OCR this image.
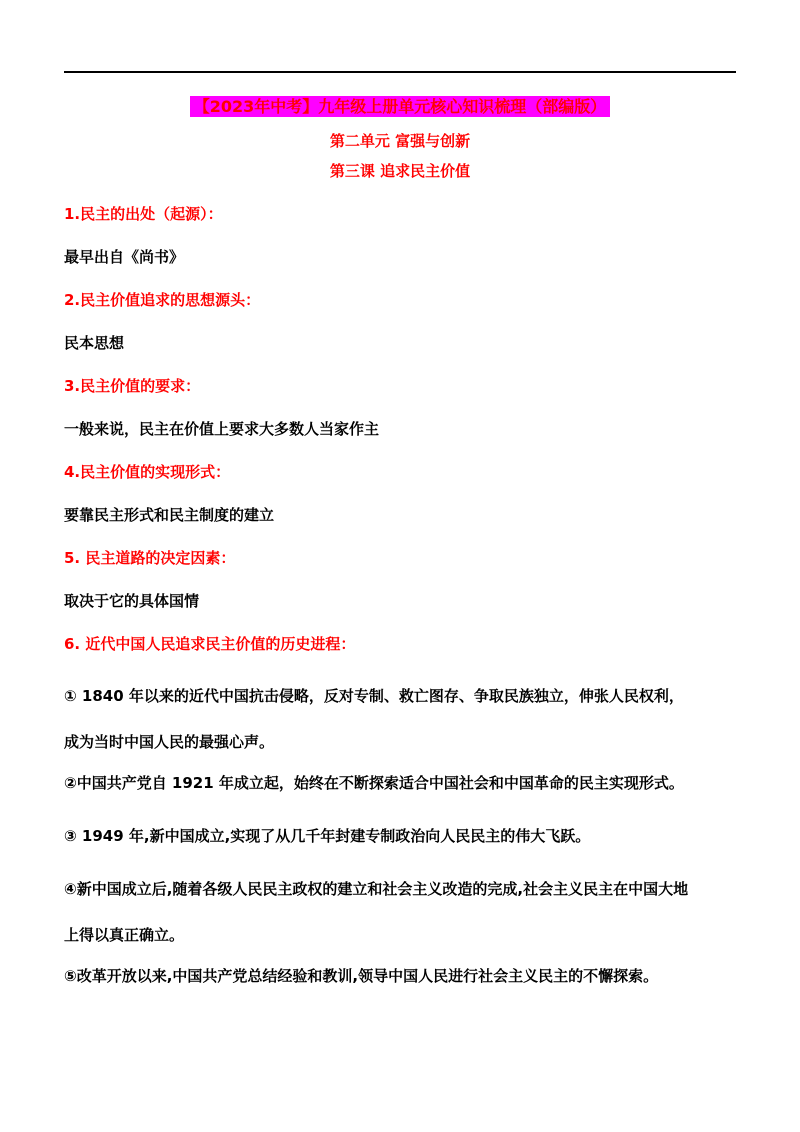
【2023年中考】九年级上册单元核心知识梳理（部编版）
第二单元 富强与创新
第三课 追求民主价值
1.民主的出处（起源）：
最早出自《尚书》
2.民主价值追求的思想源头：
民本思想
3.民主价值的要求：
一般来说，民主在价值上要求大多数人当家作主
4.民主价值的实现形式：
要靠民主形式和民主制度的建立
5. 民主道路的决定因素：
取决于它的具体国情
6. 近代中国人民追求民主价值的历史进程：
① 1840 年以来的近代中国抗击侵略，反对专制、救亡图存、争取民族独立，伸张人民权利，
成为当时中国人民的最强心声。
②中国共产党自 1921 年成立起，始终在不断探索适合中国社会和中国革命的民主实现形式。
③ 1949 年,新中国成立,实现了从几千年封建专制政治向人民民主的伟大飞跃。
④新中国成立后,随着各级人民民主政权的建立和社会主义改造的完成,社会主义民主在中国大地
上得以真正确立。
⑤改革开放以来,中国共产党总结经验和教训,领导中国人民进行社会主义民主的不懈探索。
